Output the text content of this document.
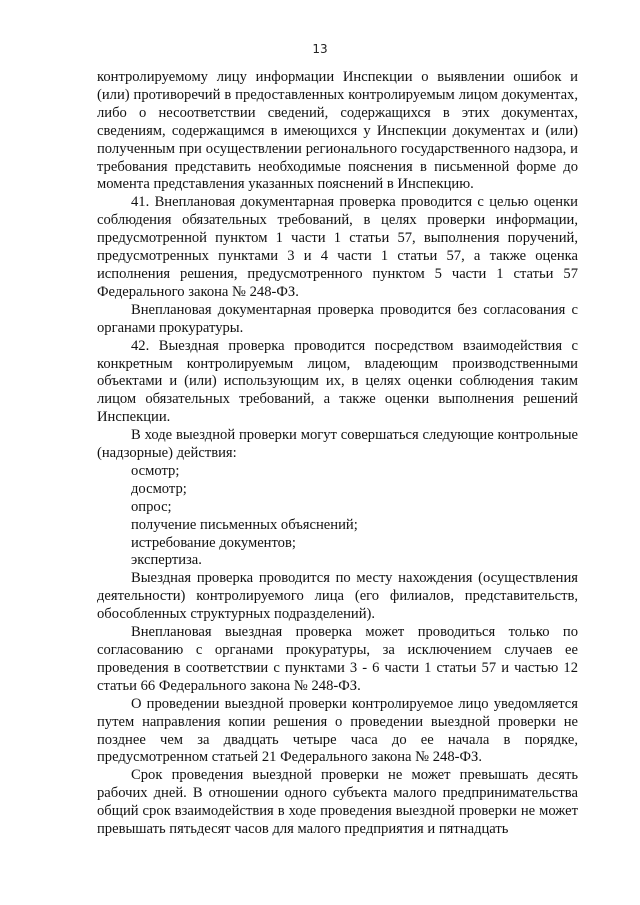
13

контролируемому лицу информации Инспекции о выявлении ошибок и (или) противоречий в предоставленных контролируемым лицом документах, либо о несоответствии сведений, содержащихся в этих документах, сведениям, содержащимся в имеющихся у Инспекции документах и (или) полученным при осуществлении регионального государственного надзора, и требования представить необходимые пояснения в письменной форме до момента представления указанных пояснений в Инспекцию.

41. Внеплановая документарная проверка проводится с целью оценки соблюдения обязательных требований, в целях проверки информации, предусмотренной пунктом 1 части 1 статьи 57, выполнения поручений, предусмотренных пунктами 3 и 4 части 1 статьи 57, а также оценка исполнения решения, предусмотренного пунктом 5 части 1 статьи 57 Федерального закона № 248-ФЗ.

Внеплановая документарная проверка проводится без согласования с органами прокуратуры.

42. Выездная проверка проводится посредством взаимодействия с конкретным контролируемым лицом, владеющим производственными объектами и (или) использующим их, в целях оценки соблюдения таким лицом обязательных требований, а также оценки выполнения решений Инспекции.

В ходе выездной проверки могут совершаться следующие контрольные (надзорные) действия:

осмотр;

досмотр;

опрос;

получение письменных объяснений;

истребование документов;

экспертиза.

Выездная проверка проводится по месту нахождения (осуществления деятельности) контролируемого лица (его филиалов, представительств, обособленных структурных подразделений).

Внеплановая выездная проверка может проводиться только по согласованию с органами прокуратуры, за исключением случаев ее проведения в соответствии с пунктами 3 - 6 части 1 статьи 57 и частью 12 статьи 66 Федерального закона № 248-ФЗ.

О проведении выездной проверки контролируемое лицо уведомляется путем направления копии решения о проведении выездной проверки не позднее чем за двадцать четыре часа до ее начала в порядке, предусмотренном статьей 21 Федерального закона № 248-ФЗ.

Срок проведения выездной проверки не может превышать десять рабочих дней. В отношении одного субъекта малого предпринимательства общий срок взаимодействия в ходе проведения выездной проверки не может превышать пятьдесят часов для малого предприятия и пятнадцать
